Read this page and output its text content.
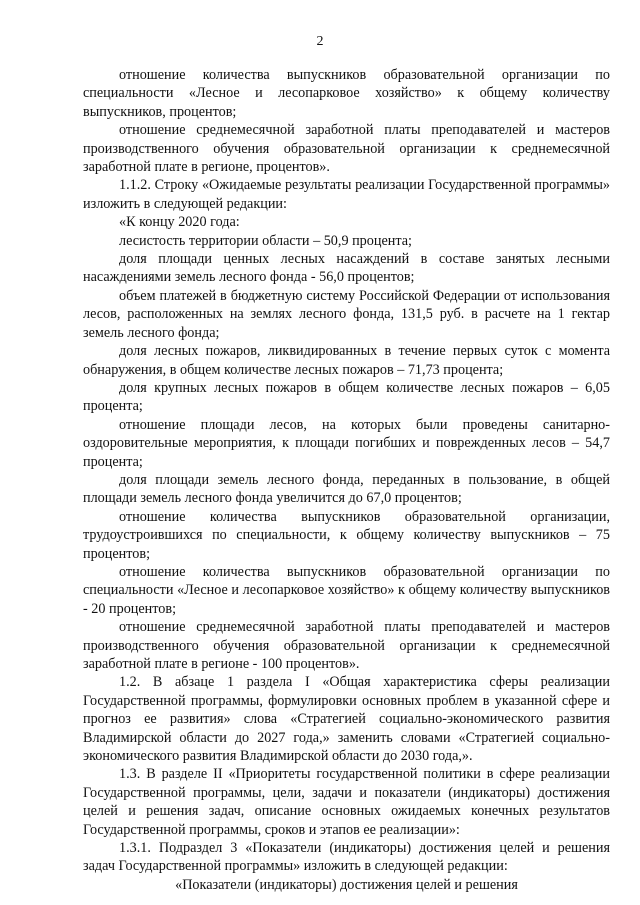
2

отношение количества выпускников образовательной организации по специальности «Лесное и лесопарковое хозяйство» к общему количеству выпускников, процентов;

отношение среднемесячной заработной платы преподавателей и мастеров производственного обучения образовательной организации к среднемесячной заработной плате в регионе, процентов».

1.1.2. Строку «Ожидаемые результаты реализации Государственной программы» изложить в следующей редакции:

«К концу 2020 года:

лесистость территории области – 50,9 процента;

доля площади ценных лесных насаждений в составе занятых лесными насаждениями земель лесного фонда - 56,0 процентов;

объем платежей в бюджетную систему Российской Федерации от использования лесов, расположенных на землях лесного фонда, 131,5 руб. в расчете на 1 гектар земель лесного фонда;

доля лесных пожаров, ликвидированных в течение первых суток с момента обнаружения, в общем количестве лесных пожаров – 71,73 процента;

доля крупных лесных пожаров в общем количестве лесных пожаров – 6,05 процента;

отношение площади лесов, на которых были проведены санитарно-оздоровительные мероприятия, к площади погибших и поврежденных лесов – 54,7 процента;

доля площади земель лесного фонда, переданных в пользование, в общей площади земель лесного фонда увеличится до 67,0 процентов;

отношение количества выпускников образовательной организации, трудоустроившихся по специальности, к общему количеству выпускников – 75 процентов;

отношение количества выпускников образовательной организации по специальности «Лесное и лесопарковое хозяйство» к общему количеству выпускников - 20 процентов;

отношение среднемесячной заработной платы преподавателей и мастеров производственного обучения образовательной организации к среднемесячной заработной плате в регионе - 100 процентов».

1.2. В абзаце 1 раздела I «Общая характеристика сферы реализации Государственной программы, формулировки основных проблем в указанной сфере и прогноз ее развития» слова «Стратегией социально-экономического развития Владимирской области до 2027 года,» заменить словами «Стратегией социально-экономического развития Владимирской области до 2030 года,».

1.3. В разделе II «Приоритеты государственной политики в сфере реализации Государственной программы, цели, задачи и показатели (индикаторы) достижения целей и решения задач, описание основных ожидаемых конечных результатов Государственной программы, сроков и этапов ее реализации»:

1.3.1. Подраздел 3 «Показатели (индикаторы) достижения целей и решения задач Государственной программы» изложить в следующей редакции:

«Показатели (индикаторы) достижения целей и решения
